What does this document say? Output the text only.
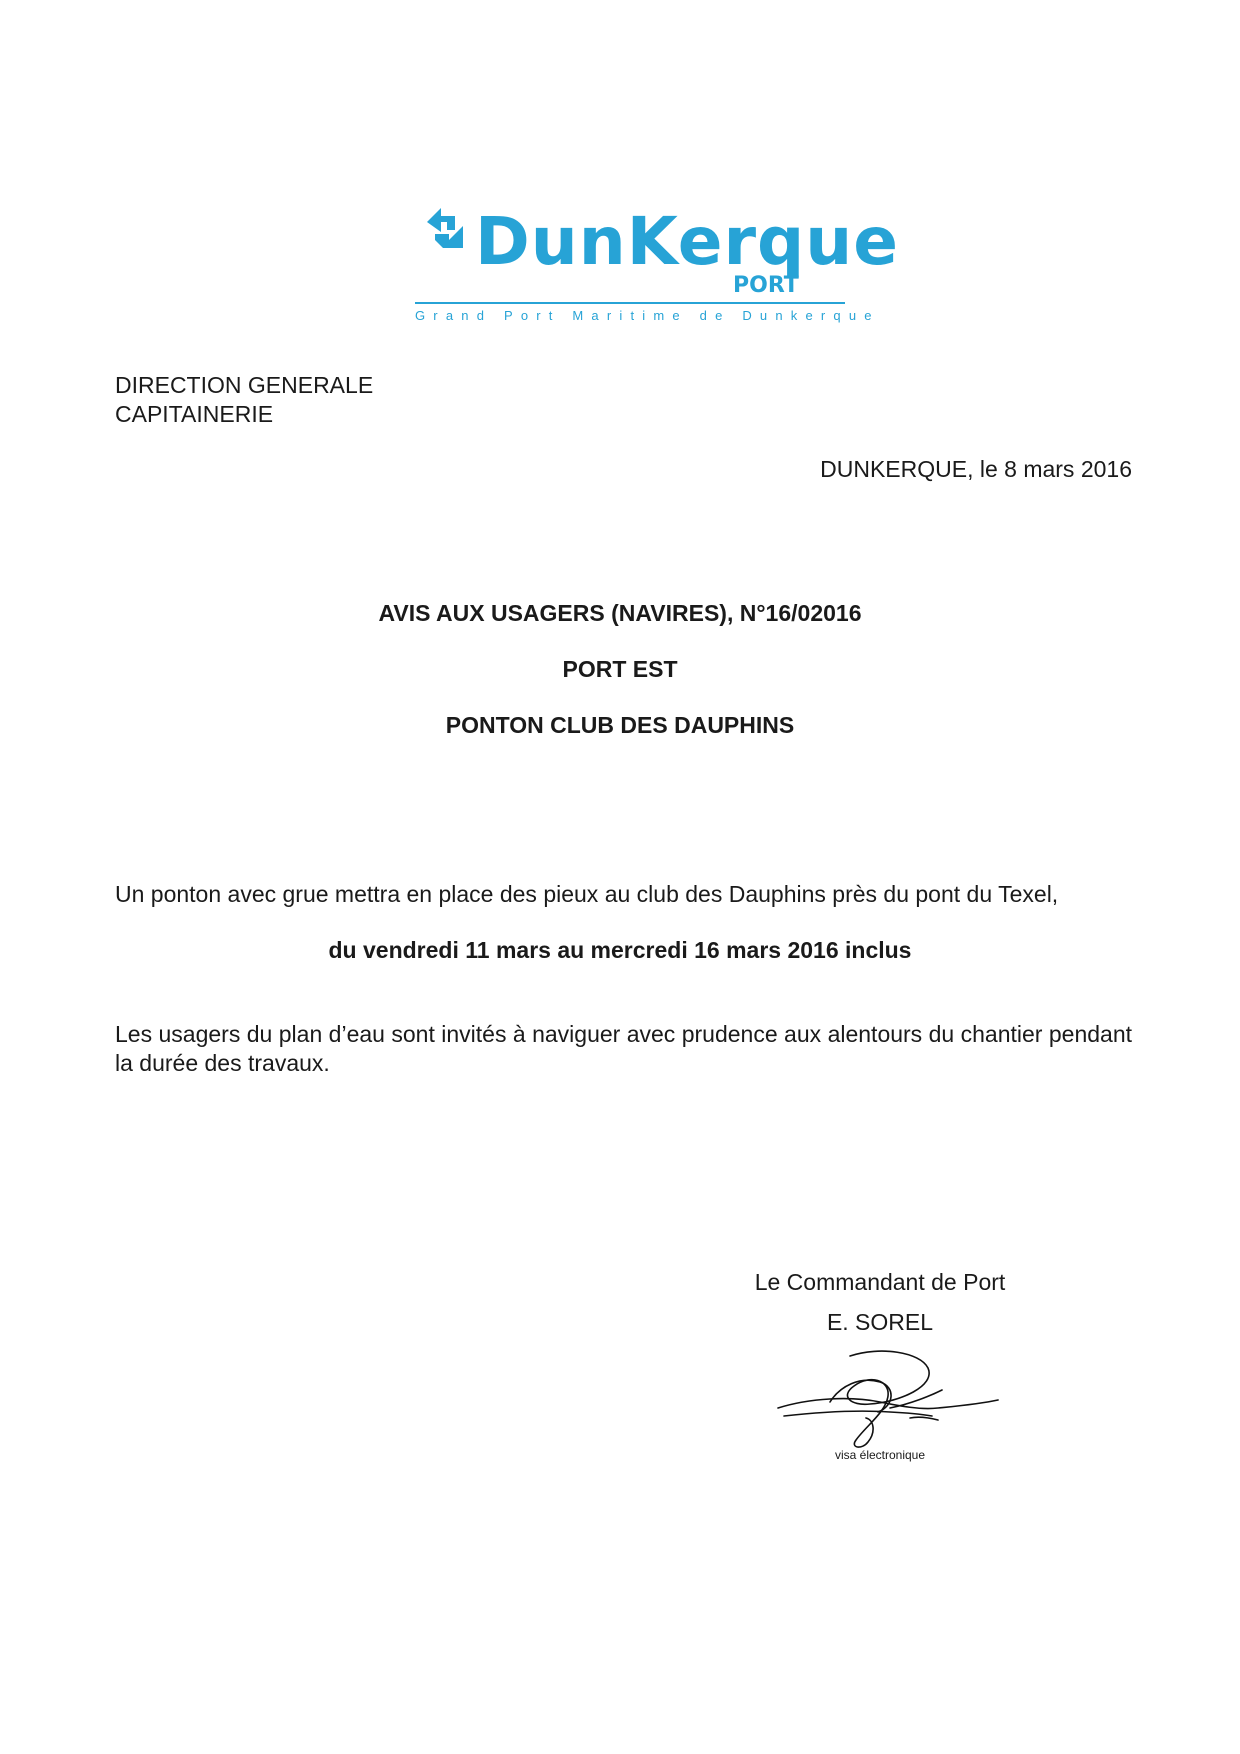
DunKerque
PORT
Grand Port Maritime de Dunkerque
DIRECTION GENERALE
CAPITAINERIE
DUNKERQUE, le 8 mars 2016
AVIS AUX USAGERS (NAVIRES), N°16/02016
PORT EST
PONTON CLUB DES DAUPHINS
Un ponton avec grue mettra en place des pieux au club des Dauphins près du pont du Texel,
du vendredi 11 mars au mercredi 16 mars 2016 inclus
Les usagers du plan d’eau sont invités à naviguer avec prudence aux alentours du chantier pendant la durée des travaux.
Le Commandant de Port
E. SOREL
visa électronique
